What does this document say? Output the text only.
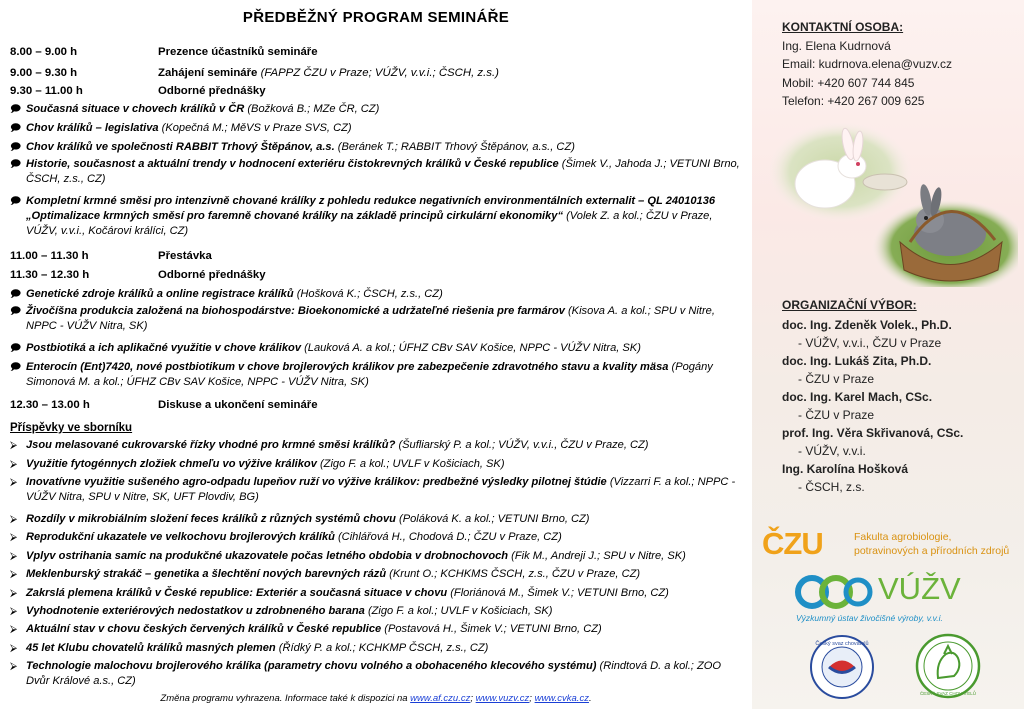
PŘEDBĚŽNÝ PROGRAM SEMINÁŘE
8.00 – 9.00 h	Prezence účastníků semináře
9.00 – 9.30 h	Zahájení semináře (FAPPZ ČZU v Praze; VÚŽV, v.v.i.; ČSCH, z.s.)
9.30 – 11.00 h	Odborné přednášky
🗩 Současná situace v chovech králíků v ČR (Božková B.; MZe ČR, CZ)
🗩 Chov králíků – legislativa (Kopečná M.; MěVS v Praze SVS, CZ)
🗩 Chov králíků ve společnosti RABBIT Trhový Štěpánov, a.s. (Beránek T.; RABBIT Trhový Štěpánov, a.s., CZ)
🗩 Historie, současnost a aktuální trendy v hodnocení exteriéru čistokrevných králíků v České republice (Šimek V., Jahoda J.; VETUNI Brno, ČSCH, z.s., CZ)
🗩 Kompletní krmné směsi pro intenzivně chované králíky z pohledu redukce negativních environmentálních externalit – QL 24010136 „Optimalizace krmných směsí pro faremně chované králíky na základě principů cirkulární ekonomiky“ (Volek Z. a kol.; ČZU v Praze, VÚŽV, v.v.i., Kočárovi králíci, CZ)
11.00 – 11.30 h	Přestávka
11.30 – 12.30 h	Odborné přednášky
🗩 Genetické zdroje králíků a online registrace králíků (Hošková K.; ČSCH, z.s., CZ)
🗩 Živočíšna produkcia založená na biohospodárstve: Bioekonomické a udržateľné riešenia pre farmárov (Kisova A. a kol.; SPU v Nitre, NPPC - VÚŽV Nitra, SK)
🗩 Postbiotiká a ich aplikačné využitie v chove králikov (Lauková A. a kol.; ÚFHZ CBv SAV Košice, NPPC - VÚŽV Nitra, SK)
🗩 Enterocín (Ent)7420, nové postbiotikum v chove brojlerových králikov pre zabezpečenie zdravotného stavu a kvality mäsa (Pogány Simonová M. a kol.; ÚFHZ CBv SAV Košice, NPPC - VÚŽV Nitra, SK)
12.30 – 13.00 h	Diskuse a ukončení semináře
Příspěvky ve sborníku
⮚ Jsou melasované cukrovarské řízky vhodné pro krmné směsi králíků? (Šufliarský P. a kol.; VÚŽV, v.v.i., ČZU v Praze, CZ)
⮚ Využitie fytogénnych zložiek chmeľu vo výžive králikov (Zigo F. a kol.; UVLF v Košiciach, SK)
⮚ Inovatívne využitie sušeného agro-odpadu lupeňov ruží vo výžive králikov: predbežné výsledky pilotnej štúdie (Vizzarri F. a kol.; NPPC - VÚŽV Nitra, SPU v Nitre, SK, UFT Plovdiv, BG)
⮚ Rozdíly v mikrobiálním složení feces králíků z různých systémů chovu (Poláková K. a kol.; VETUNI Brno, CZ)
⮚ Reprodukční ukazatele ve velkochovu brojlerových králíků (Cihlářová H., Chodová D.; ČZU v Praze, CZ)
⮚ Vplyv ostrihania samíc na produkčné ukazovatele počas letného obdobia v drobnochovoch (Fik M., Andreji J.; SPU v Nitre, SK)
⮚ Meklenburský strakáč – genetika a šlechtění nových barevných rázů (Krunt O.; KCHKMS ČSCH, z.s., ČZU v Praze, CZ)
⮚ Zakrslá plemena králíků v České republice: Exteriér a současná situace v chovu (Floriánová M., Šimek V.; VETUNI Brno, CZ)
⮚ Vyhodnotenie exteriérových nedostatkov u zdrobneného barana (Zigo F. a kol.; UVLF v Košiciach, SK)
⮚ Aktuální stav v chovu českých červených králíků v České republice (Postavová H., Šimek V.; VETUNI Brno, CZ)
⮚ 45 let Klubu chovatelů králíků masných plemen (Řídký P. a kol.; KCHKMP ČSCH, z.s., CZ)
⮚ Technologie malochovu brojlerového králíka (parametry chovu volného a obohaceného klecového systému) (Rindtová D. a kol.; ZOO Dvůr Králové a.s., CZ)
Změna programu vyhrazena. Informace také k dispozici na www.af.czu.cz; www.vuzv.cz; www.cvka.cz.
KONTAKTNÍ OSOBA:
Ing. Elena Kudrnová
Email: kudrnova.elena@vuzv.cz
Mobil: +420 607 744 845
Telefon: +420 267 009 625
ORGANIZAČNÍ VÝBOR:
doc. Ing. Zdeněk Volek., Ph.D.
- VÚŽV, v.v.i., ČZU v Praze
doc. Ing. Lukáš Zita, Ph.D.
- ČZU v Praze
doc. Ing. Karel Mach, CSc.
- ČZU v Praze
prof. Ing. Věra Skřivanová, CSc.
- VÚŽV, v.v.i.
Ing. Karolína Hošková
- ČSCH, z.s.
ČZU	Fakulta agrobiologie,
potravinových a přírodních zdrojů
VÚŽV
Výzkumný ústav živočišné výroby, v.v.i.
Český svaz chovatelů
ČESKÝ SVAZ CHOVATELŮ
